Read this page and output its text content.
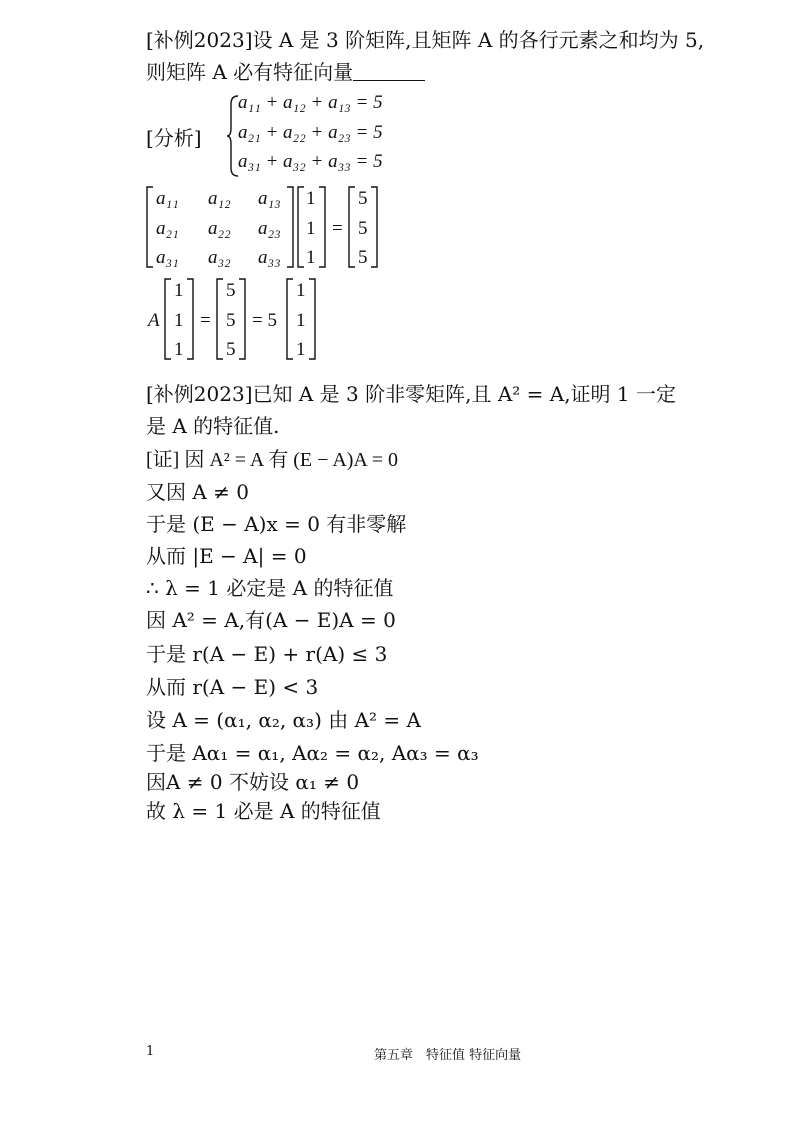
[补例2023]设 A 是 3 阶矩阵,且矩阵 A 的各行元素之和均为 5,
则矩阵 A 必有特征向量
[分析]
a₁₁ + a₁₂ + a₁₃ = 5
a₂₁ + a₂₂ + a₂₃ = 5
a₃₁ + a₃₂ + a₃₃ = 5
a₁₁ a₁₂ a₁₃
a₂₁ a₂₂ a₂₃
a₃₁ a₃₂ a₃₃
1
1
1
=
5
5
5
A
1
1
1
=
5
5
5
= 5
1
1
1
[补例2023]已知 A 是 3 阶非零矩阵,且 A² = A,证明 1 一定
是 A 的特征值.
[证] 因 A² = A 有 (E − A)A = 0
又因 A ≠ 0
于是 (E − A)x = 0 有非零解
从而 |E − A| = 0
∴ λ = 1 必定是 A 的特征值
因 A² = A,有(A − E)A = 0
于是 r(A − E) + r(A) ≤ 3
从而 r(A − E) < 3
设 A = (α₁, α₂, α₃) 由 A² = A
于是 Aα₁ = α₁, Aα₂ = α₂, Aα₃ = α₃
因A ≠ 0 不妨设 α₁ ≠ 0
故 λ = 1 必是 A 的特征值
1	第五章　特征值 特征向量
